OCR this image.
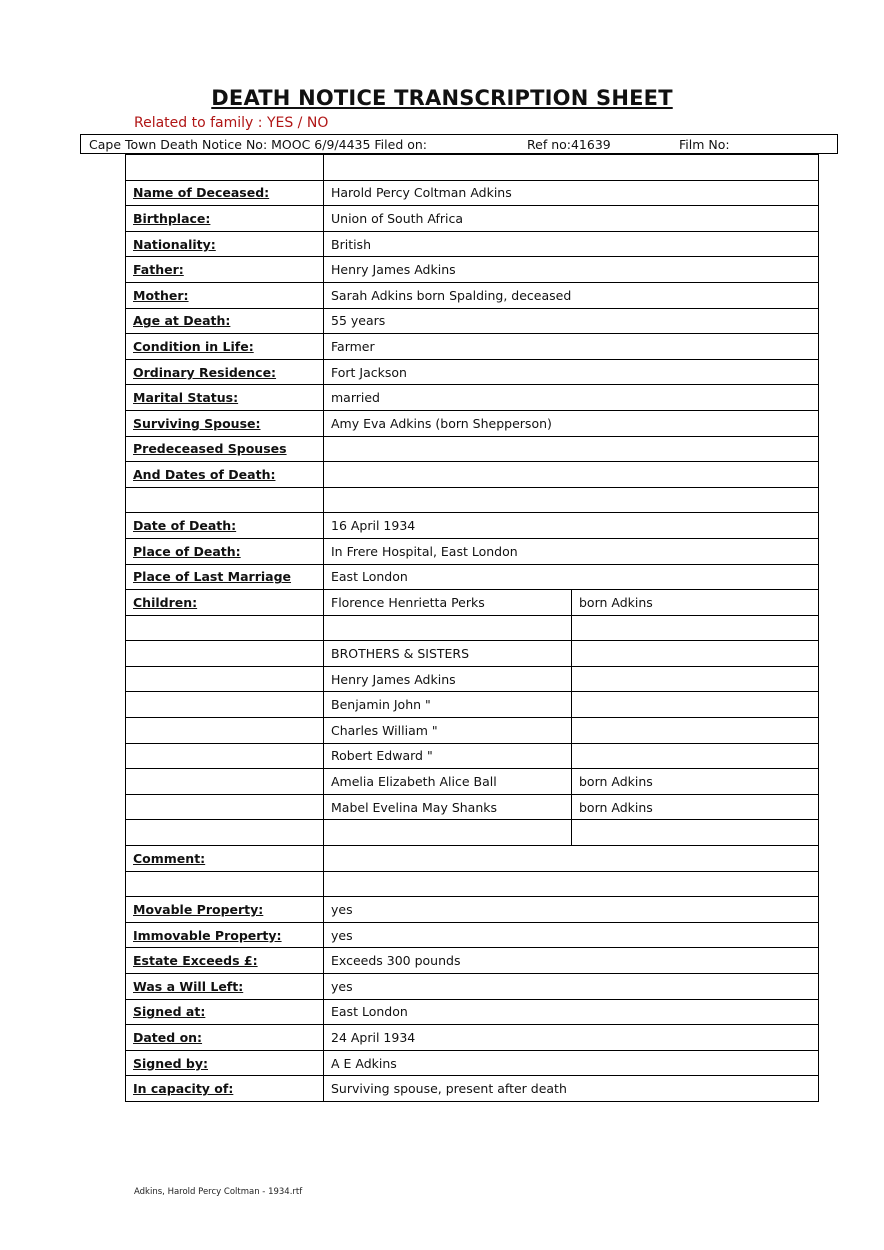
DEATH NOTICE TRANSCRIPTION SHEET
Related to family : YES / NO
Cape Town Death Notice No: MOOC 6/9/4435 Filed on:	Ref no:41639	Film No:

Name of Deceased:	Harold Percy Coltman Adkins	
Birthplace:	Union of South Africa	
Nationality:	British	
Father:	Henry James Adkins	
Mother:	Sarah Adkins born Spalding, deceased	
Age at Death:	55 years	
Condition in Life:	Farmer	
Ordinary Residence:	Fort Jackson	
Marital Status:	married	
Surviving Spouse:	Amy Eva Adkins (born Shepperson)	
Predeceased Spouses		
And Dates of Death:		

Date of Death:	16 April 1934	
Place of Death:	In Frere Hospital, East London	
Place of Last Marriage	East London	
Children:	Florence Henrietta Perks	born Adkins

	BROTHERS & SISTERS	
	Henry James Adkins	
	Benjamin John "	
	Charles William "	
	Robert Edward "	
	Amelia Elizabeth Alice Ball	born Adkins
	Mabel Evelina May Shanks	born Adkins

Comment:		

Movable Property:	yes	
Immovable Property:	yes	
Estate Exceeds £:	Exceeds 300 pounds	
Was a Will Left:	yes	
Signed at:	East London	
Dated on:	24 April 1934	
Signed by:	A E Adkins	
In capacity of:	Surviving spouse, present after death	
Adkins, Harold Percy Coltman - 1934.rtf
